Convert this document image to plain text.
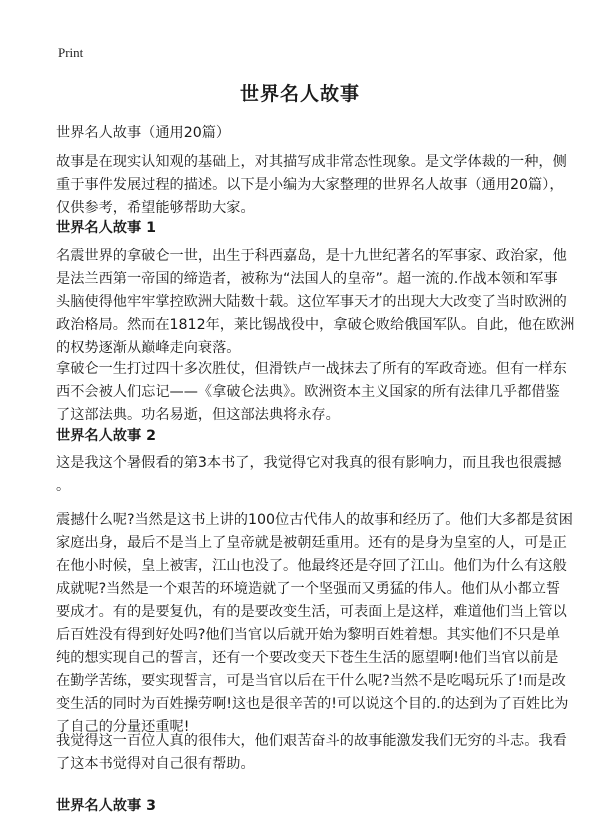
Print
世界名人故事

世界名人故事（通用20篇）

故事是在现实认知观的基础上，对其描写成非常态性现象。是文学体裁的一种，侧
重于事件发展过程的描述。以下是小编为大家整理的世界名人故事（通用20篇），
仅供参考，希望能够帮助大家。

世界名人故事 1

名震世界的拿破仑一世，出生于科西嘉岛，是十九世纪著名的军事家、政治家，他
是法兰西第一帝国的缔造者，被称为“法国人的皇帝”。超一流的.作战本领和军事
头脑使得他牢牢掌控欧洲大陆数十载。这位军事天才的出现大大改变了当时欧洲的
政治格局。然而在1812年，莱比锡战役中，拿破仑败给俄国军队。自此，他在欧洲
的权势逐渐从巅峰走向衰落。

拿破仑一生打过四十多次胜仗，但滑铁卢一战抹去了所有的军政奇迹。但有一样东
西不会被人们忘记——《拿破仑法典》。欧洲资本主义国家的所有法律几乎都借鉴
了这部法典。功名易逝，但这部法典将永存。

世界名人故事 2

这是我这个暑假看的第3本书了，我觉得它对我真的很有影响力，而且我也很震撼
。

震撼什么呢?当然是这书上讲的100位古代伟人的故事和经历了。他们大多都是贫困
家庭出身，最后不是当上了皇帝就是被朝廷重用。还有的是身为皇室的人，可是正
在他小时候，皇上被害，江山也没了。他最终还是夺回了江山。他们为什么有这般
成就呢?当然是一个艰苦的环境造就了一个坚强而又勇猛的伟人。他们从小都立誓
要成才。有的是要复仇，有的是要改变生活，可表面上是这样，难道他们当上管以
后百姓没有得到好处吗?他们当官以后就开始为黎明百姓着想。其实他们不只是单
纯的想实现自己的誓言，还有一个要改变天下苍生生活的愿望啊!他们当官以前是
在勤学苦练，要实现誓言，可是当官以后在干什么呢?当然不是吃喝玩乐了!而是改
变生活的同时为百姓操劳啊!这也是很辛苦的!可以说这个目的.的达到为了百姓比为
了自己的分量还重呢!

我觉得这一百位人真的很伟大，他们艰苦奋斗的故事能激发我们无穷的斗志。我看
了这本书觉得对自己很有帮助。

世界名人故事 3
